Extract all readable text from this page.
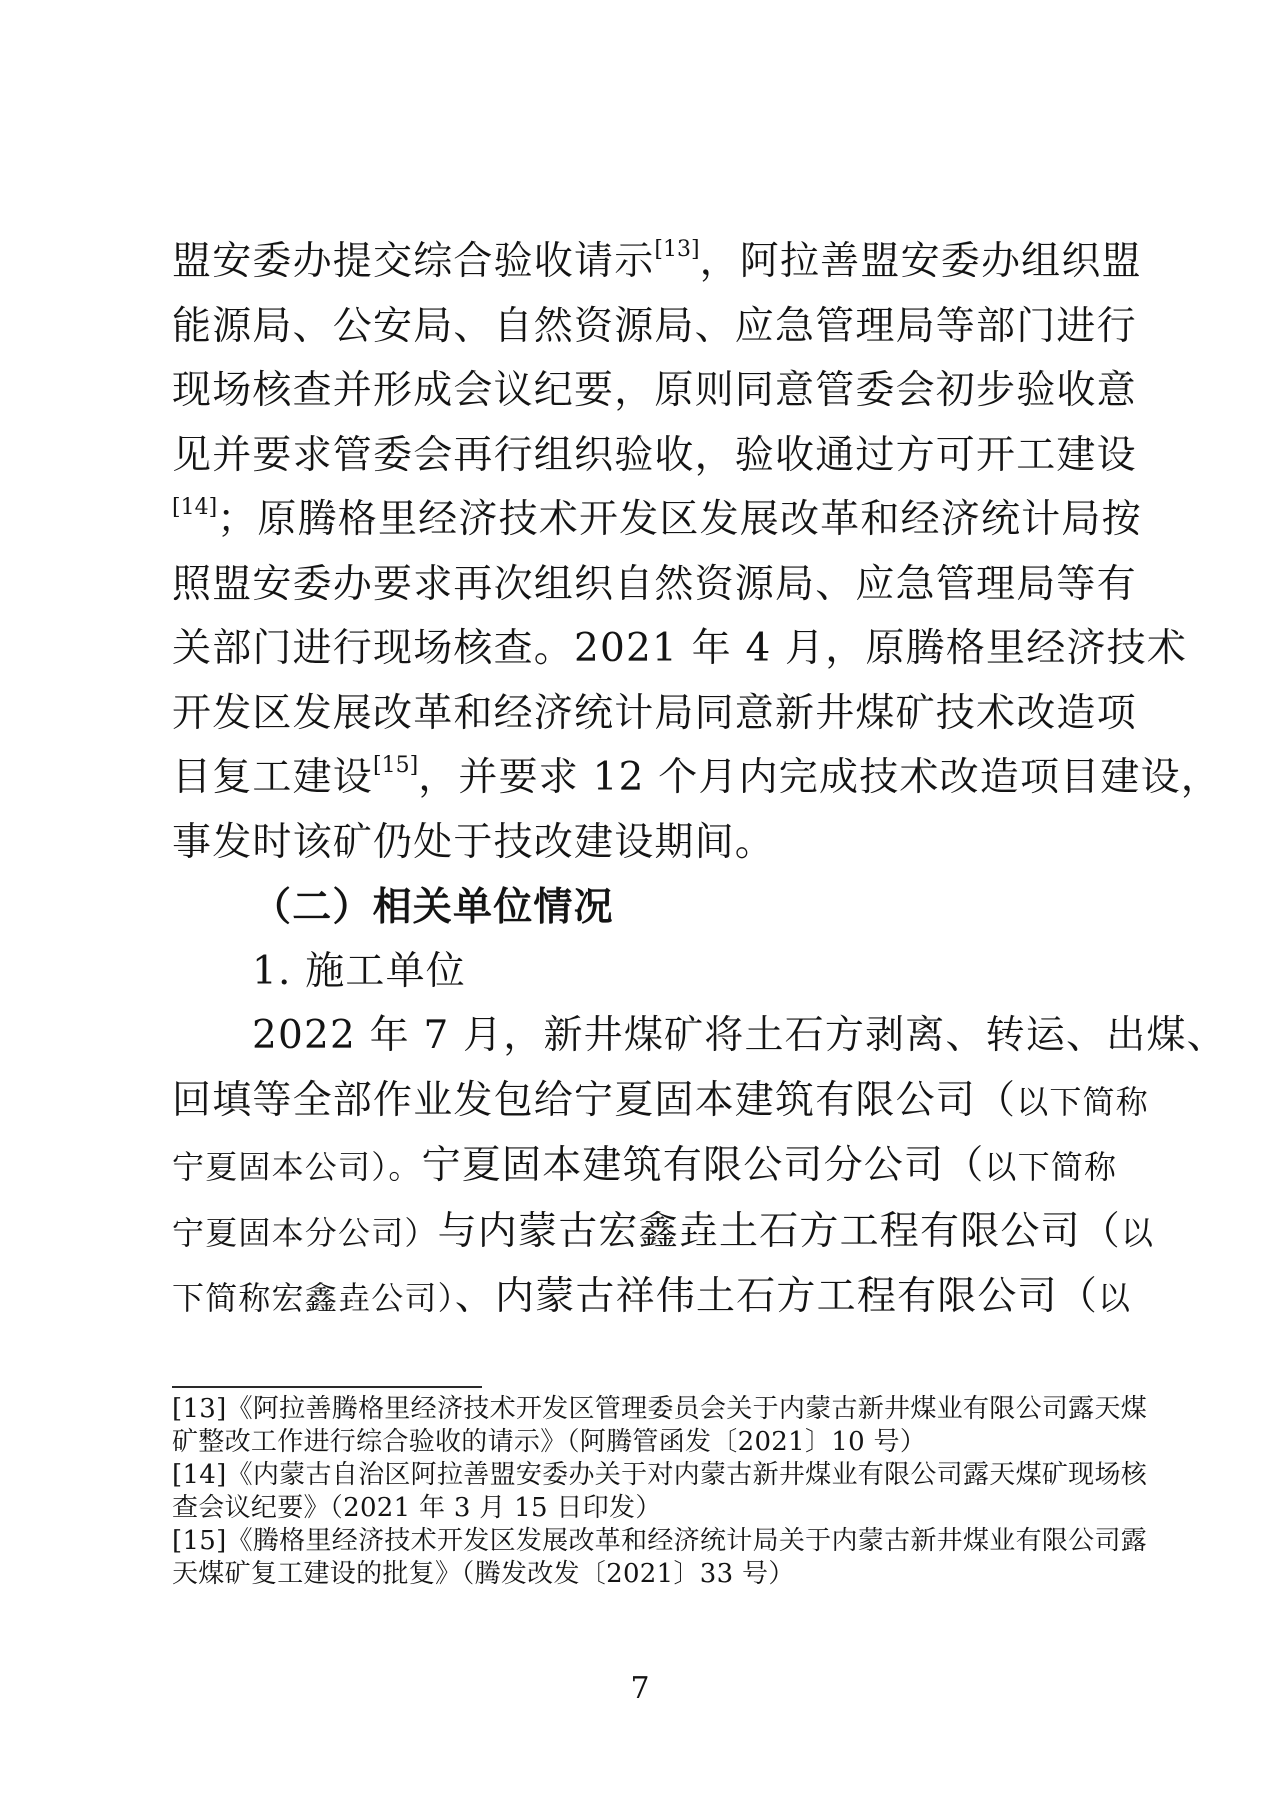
盟安委办提交综合验收请示[13]，阿拉善盟安委办组织盟
能源局、公安局、自然资源局、应急管理局等部门进行
现场核查并形成会议纪要，原则同意管委会初步验收意
见并要求管委会再行组织验收，验收通过方可开工建设
[14]；原腾格里经济技术开发区发展改革和经济统计局按
照盟安委办要求再次组织自然资源局、应急管理局等有
关部门进行现场核查。2021 年 4 月，原腾格里经济技术
开发区发展改革和经济统计局同意新井煤矿技术改造项
目复工建设[15]，并要求 12 个月内完成技术改造项目建设，
事发时该矿仍处于技改建设期间。
（二）相关单位情况
1. 施工单位
2022 年 7 月，新井煤矿将土石方剥离、转运、出煤、
回填等全部作业发包给宁夏固本建筑有限公司（以下简称
宁夏固本公司）。宁夏固本建筑有限公司分公司（以下简称
宁夏固本分公司）与内蒙古宏鑫垚土石方工程有限公司（以
下简称宏鑫垚公司）、内蒙古祥伟土石方工程有限公司（以
[13]《阿拉善腾格里经济技术开发区管理委员会关于内蒙古新井煤业有限公司露天煤
矿整改工作进行综合验收的请示》（阿腾管函发〔2021〕10 号）
[14]《内蒙古自治区阿拉善盟安委办关于对内蒙古新井煤业有限公司露天煤矿现场核
查会议纪要》（2021 年 3 月 15 日印发）
[15]《腾格里经济技术开发区发展改革和经济统计局关于内蒙古新井煤业有限公司露
天煤矿复工建设的批复》（腾发改发〔2021〕33 号）
7
